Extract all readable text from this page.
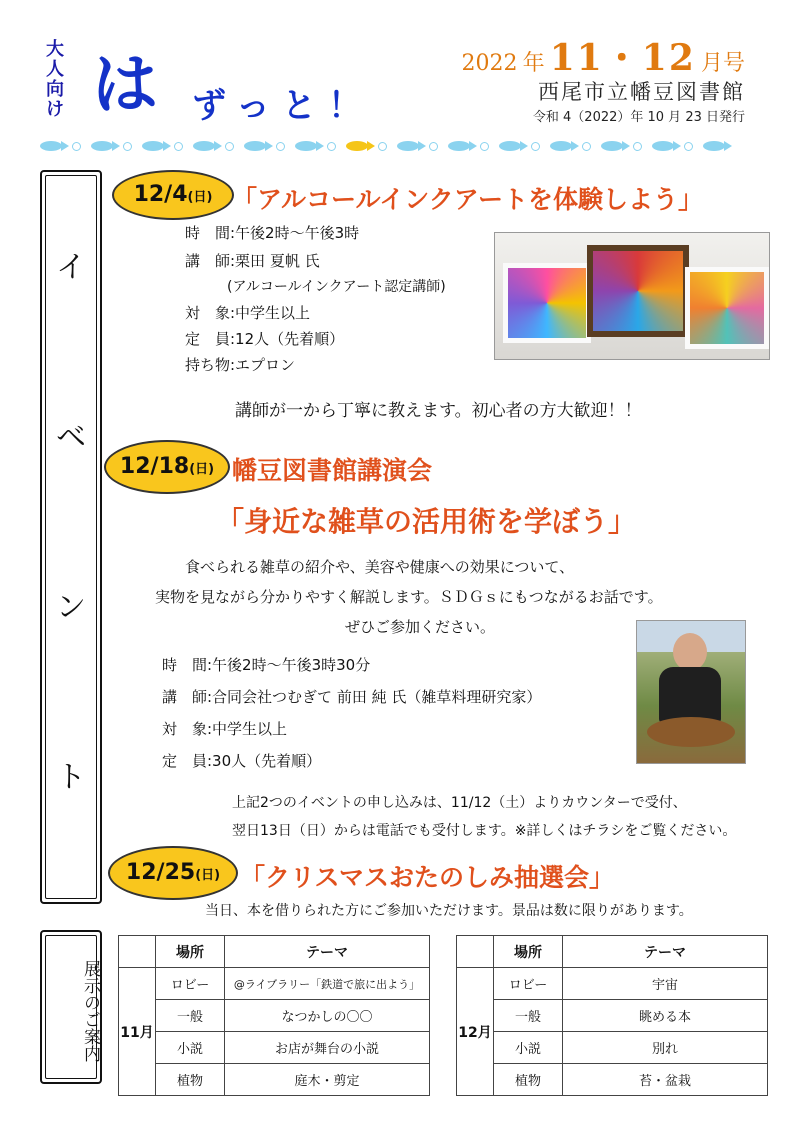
大人向け は ずっと！
2022 年 11・12 月号
西尾市立幡豆図書館
令和 4（2022）年 10 月 23 日発行
イ
ベ
ン
ト
12/4(日) 「アルコールインクアートを体験しよう」
時　間:午後2時～午後3時
講　師:栗田 夏帆 氏
　　　(アルコールインクアート認定講師)
対　象:中学生以上
定　員:12人（先着順）
持ち物:エプロン
講師が一から丁寧に教えます。初心者の方大歓迎！！
12/18(日) 幡豆図書館講演会
「身近な雑草の活用術を学ぼう」
食べられる雑草の紹介や、美容や健康への効果について、
実物を見ながら分かりやすく解説します。ＳＤＧｓにもつながるお話です。
ぜひご参加ください。
時　間:午後2時～午後3時30分
講　師:合同会社つむぎて 前田 純 氏（雑草料理研究家）
対　象:中学生以上
定　員:30人（先着順）
上記2つのイベントの申し込みは、11/12（土）よりカウンターで受付、
翌日13日（日）からは電話でも受付します。※詳しくはチラシをご覧ください。
12/25(日) 「クリスマスおたのしみ抽選会」
当日、本を借りられた方にご参加いただけます。景品は数に限りがあります。
展示のご案内
	場所	テーマ
11月	ロビー	@ライブラリー「鉄道で旅に出よう」
	一般	なつかしの〇〇
	小説	お店が舞台の小説
	植物	庭木・剪定
	場所	テーマ
12月	ロビー	宇宙
	一般	眺める本
	小説	別れ
	植物	苔・盆栽
